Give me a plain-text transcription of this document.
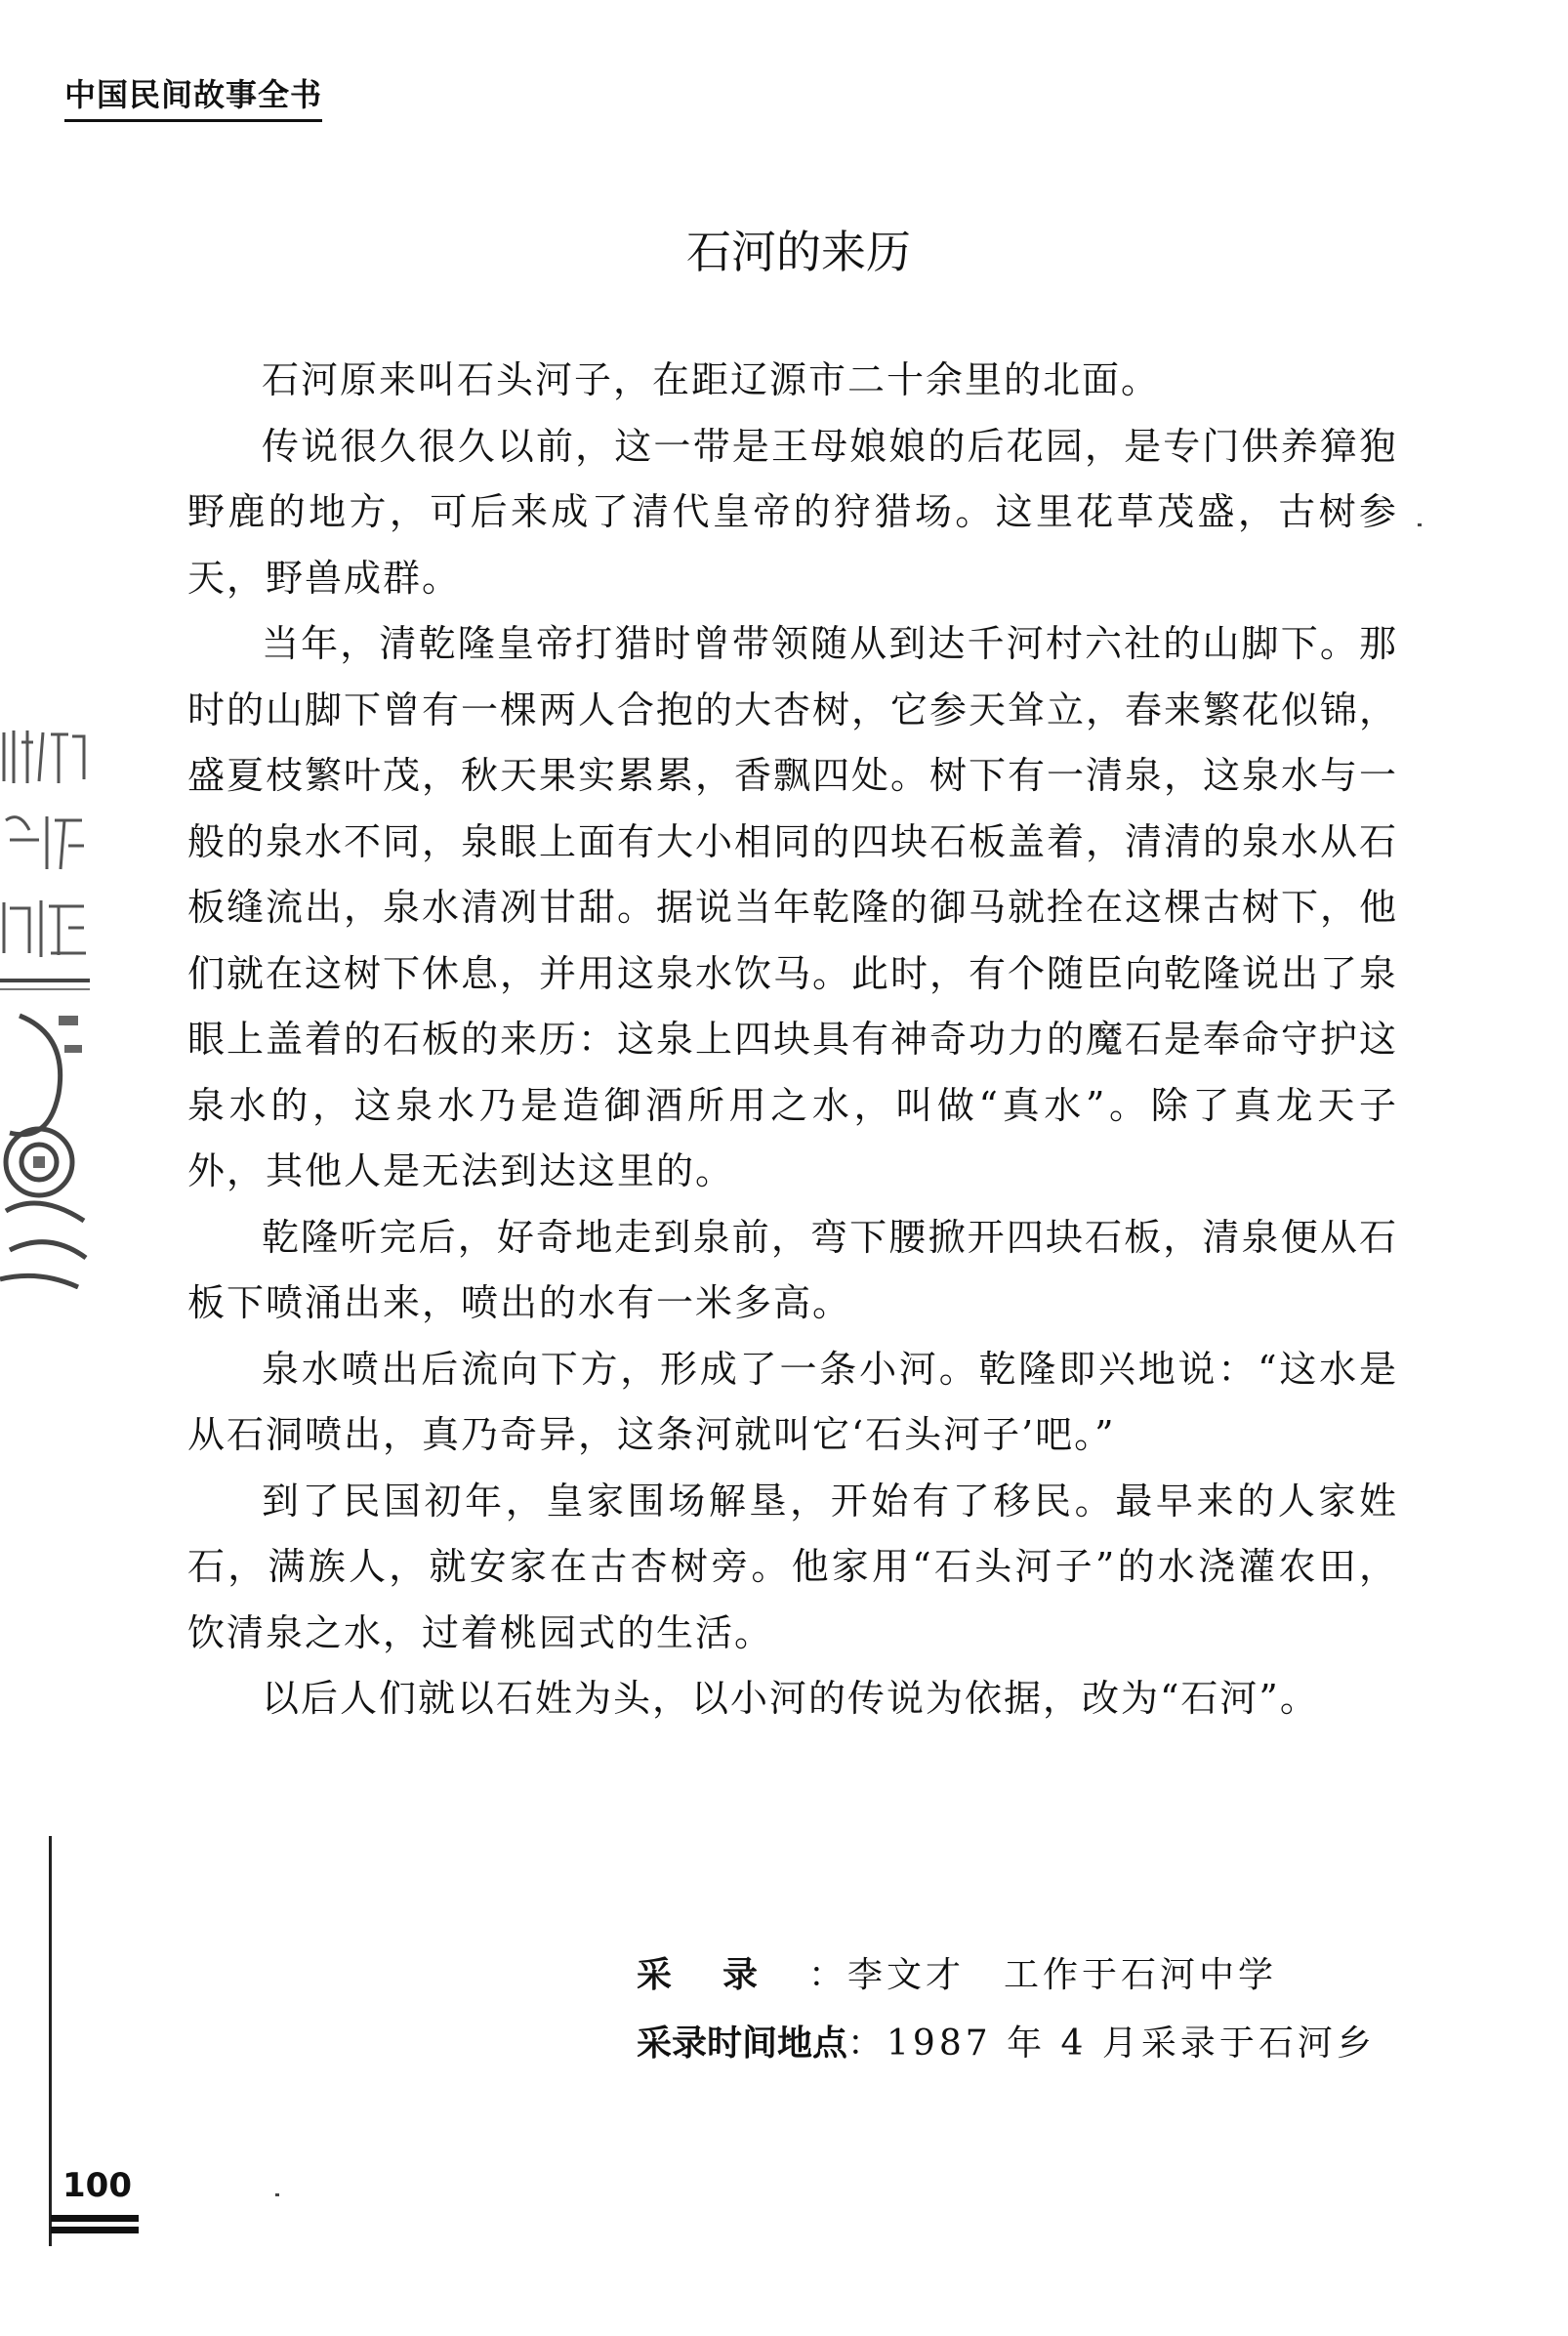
中国民间故事全书
石河的来历

石河原来叫石头河子，在距辽源市二十余里的北面。

传说很久很久以前，这一带是王母娘娘的后花园，是专门供养獐狍野鹿的地方，可后来成了清代皇帝的狩猎场。这里花草茂盛，古树参天，野兽成群。

当年，清乾隆皇帝打猎时曾带领随从到达千河村六社的山脚下。那时的山脚下曾有一棵两人合抱的大杏树，它参天耸立，春来繁花似锦，盛夏枝繁叶茂，秋天果实累累，香飘四处。树下有一清泉，这泉水与一般的泉水不同，泉眼上面有大小相同的四块石板盖着，清清的泉水从石板缝流出，泉水清冽甘甜。据说当年乾隆的御马就拴在这棵古树下，他们就在这树下休息，并用这泉水饮马。此时，有个随臣向乾隆说出了泉眼上盖着的石板的来历：这泉上四块具有神奇功力的魔石是奉命守护这泉水的，这泉水乃是造御酒所用之水，叫做“真水”。除了真龙天子外，其他人是无法到达这里的。

乾隆听完后，好奇地走到泉前，弯下腰掀开四块石板，清泉便从石板下喷涌出来，喷出的水有一米多高。

泉水喷出后流向下方，形成了一条小河。乾隆即兴地说：“这水是从石洞喷出，真乃奇异，这条河就叫它‘石头河子’吧。”

到了民国初年，皇家围场解垦，开始有了移民。最早来的人家姓石，满族人，就安家在古杏树旁。他家用“石头河子”的水浇灌农田，饮清泉之水，过着桃园式的生活。

以后人们就以石姓为头，以小河的传说为依据，改为“石河”。

采录 ：李文才　工作于石河中学
采录时间地点 ：1987 年 4 月采录于石河乡
100
